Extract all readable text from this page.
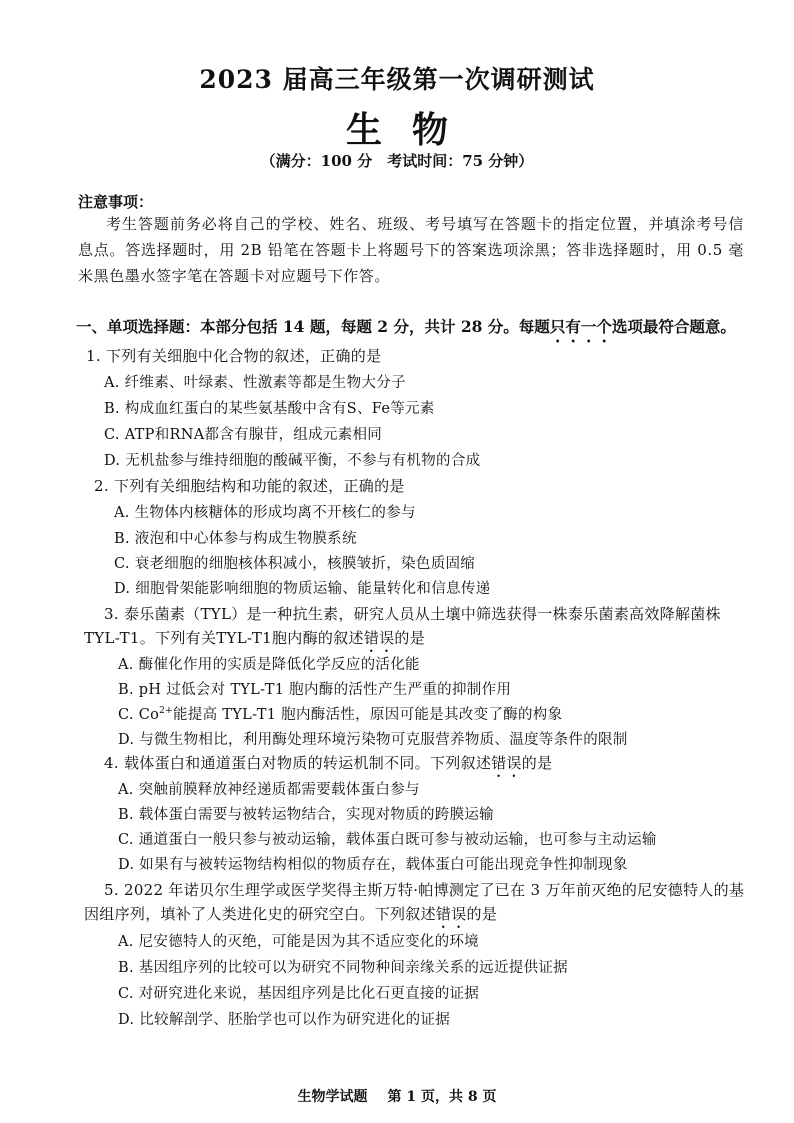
2023 届高三年级第一次调研测试
生物
（满分：100 分　考试时间：75 分钟）
注意事项：
考生答题前务必将自己的学校、姓名、班级、考号填写在答题卡的指定位置，并填涂考号信息点。答选择题时，用 2B 铅笔在答题卡上将题号下的答案选项涂黑；答非选择题时，用 0.5 毫米黑色墨水签字笔在答题卡对应题号下作答。
一、单项选择题：本部分包括 14 题，每题 2 分，共计 28 分。每题只有一个选项最符合题意。
1. 下列有关细胞中化合物的叙述，正确的是
A. 纤维素、叶绿素、性激素等都是生物大分子
B. 构成血红蛋白的某些氨基酸中含有S、Fe等元素
C. ATP和RNA都含有腺苷，组成元素相同
D. 无机盐参与维持细胞的酸碱平衡，不参与有机物的合成
2. 下列有关细胞结构和功能的叙述，正确的是
A. 生物体内核糖体的形成均离不开核仁的参与
B. 液泡和中心体参与构成生物膜系统
C. 衰老细胞的细胞核体积减小，核膜皱折，染色质固缩
D. 细胞骨架能影响细胞的物质运输、能量转化和信息传递
3. 泰乐菌素（TYL）是一种抗生素，研究人员从土壤中筛选获得一株泰乐菌素高效降解菌株
TYL-T1。下列有关TYL-T1胞内酶的叙述错误的是
A. 酶催化作用的实质是降低化学反应的活化能
B. pH 过低会对 TYL-T1 胞内酶的活性产生严重的抑制作用
C. $Co^{2+}$能提高 TYL-T1 胞内酶活性，原因可能是其改变了酶的构象
D. 与微生物相比，利用酶处理环境污染物可克服营养物质、温度等条件的限制
4. 载体蛋白和通道蛋白对物质的转运机制不同。下列叙述错误的是
A. 突触前膜释放神经递质都需要载体蛋白参与
B. 载体蛋白需要与被转运物结合，实现对物质的跨膜运输
C. 通道蛋白一般只参与被动运输，载体蛋白既可参与被动运输，也可参与主动运输
D. 如果有与被转运物结构相似的物质存在，载体蛋白可能出现竞争性抑制现象
5. 2022 年诺贝尔生理学或医学奖得主斯万特·帕博测定了已在 3 万年前灭绝的尼安德特人的基
因组序列，填补了人类进化史的研究空白。下列叙述错误的是
A. 尼安德特人的灭绝，可能是因为其不适应变化的环境
B. 基因组序列的比较可以为研究不同物种间亲缘关系的远近提供证据
C. 对研究进化来说，基因组序列是比化石更直接的证据
D. 比较解剖学、胚胎学也可以作为研究进化的证据
生物学试题 第 1 页，共 8 页
